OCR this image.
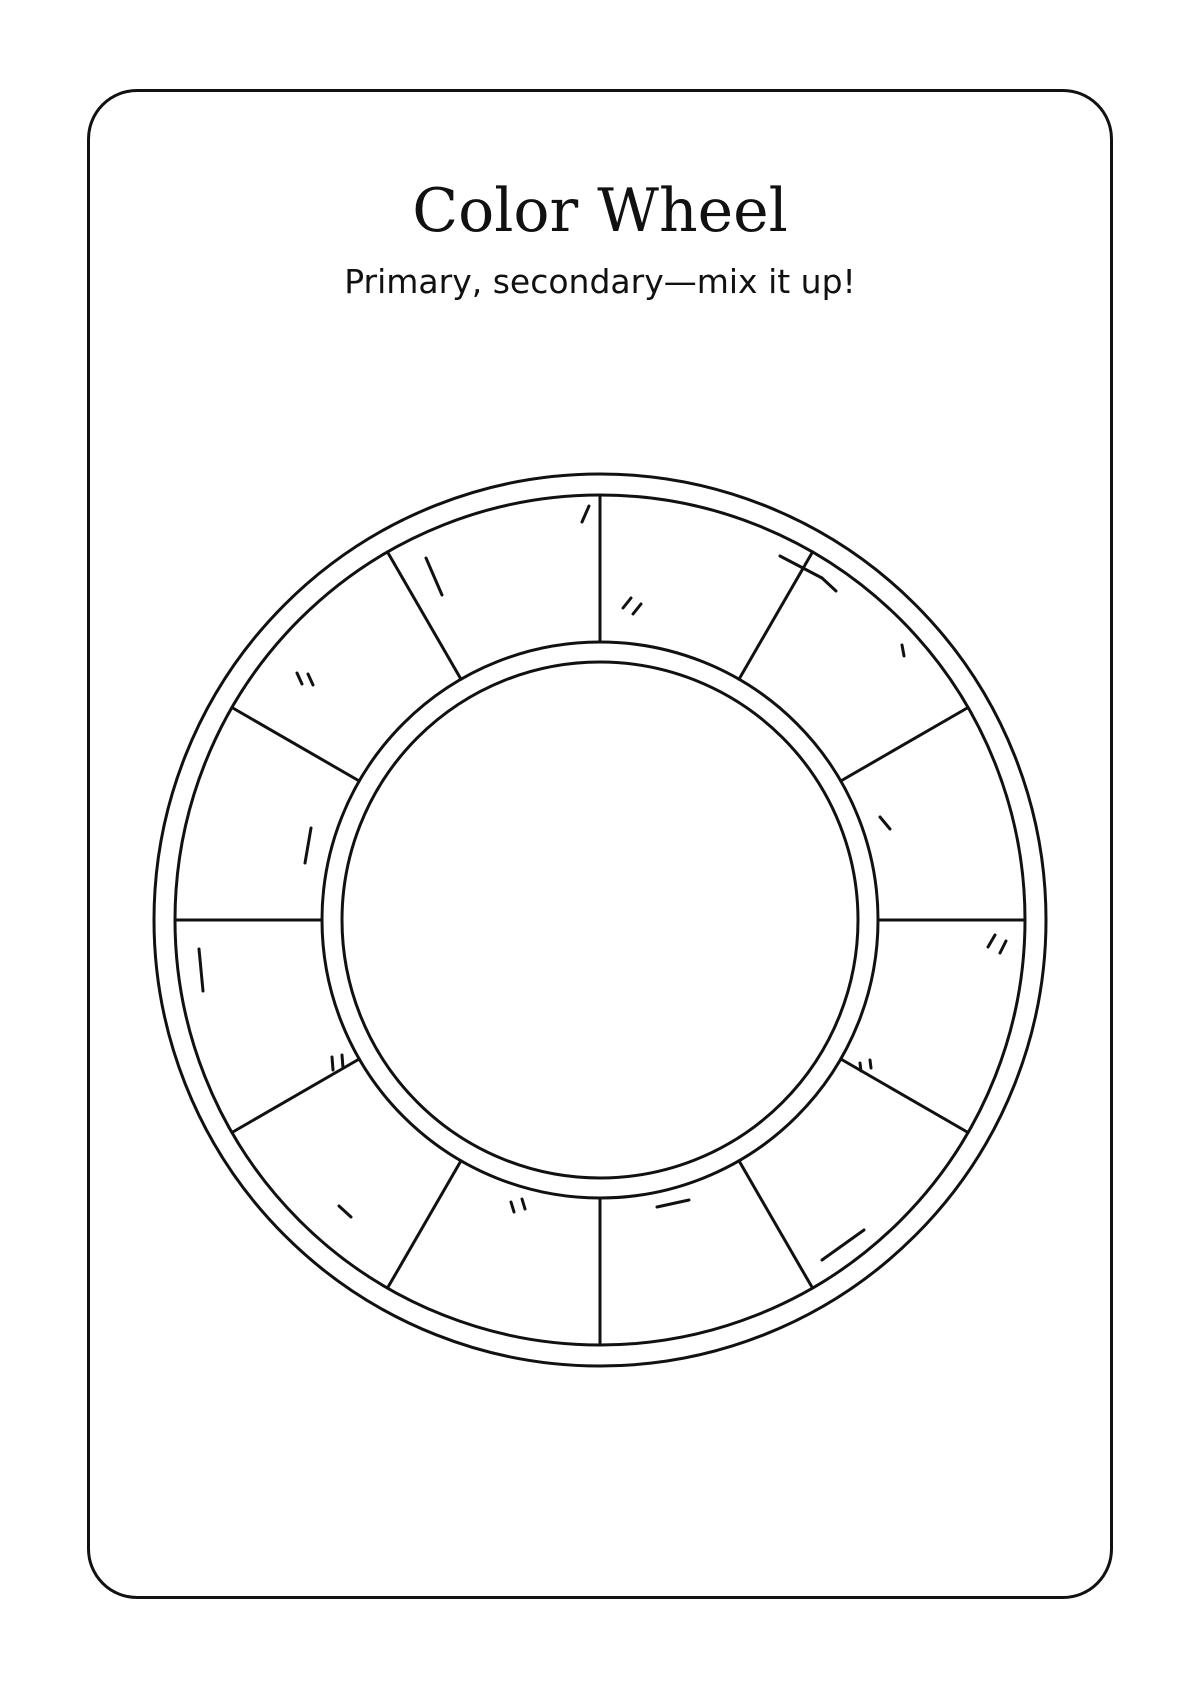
Color Wheel

Primary, secondary—mix it up!
